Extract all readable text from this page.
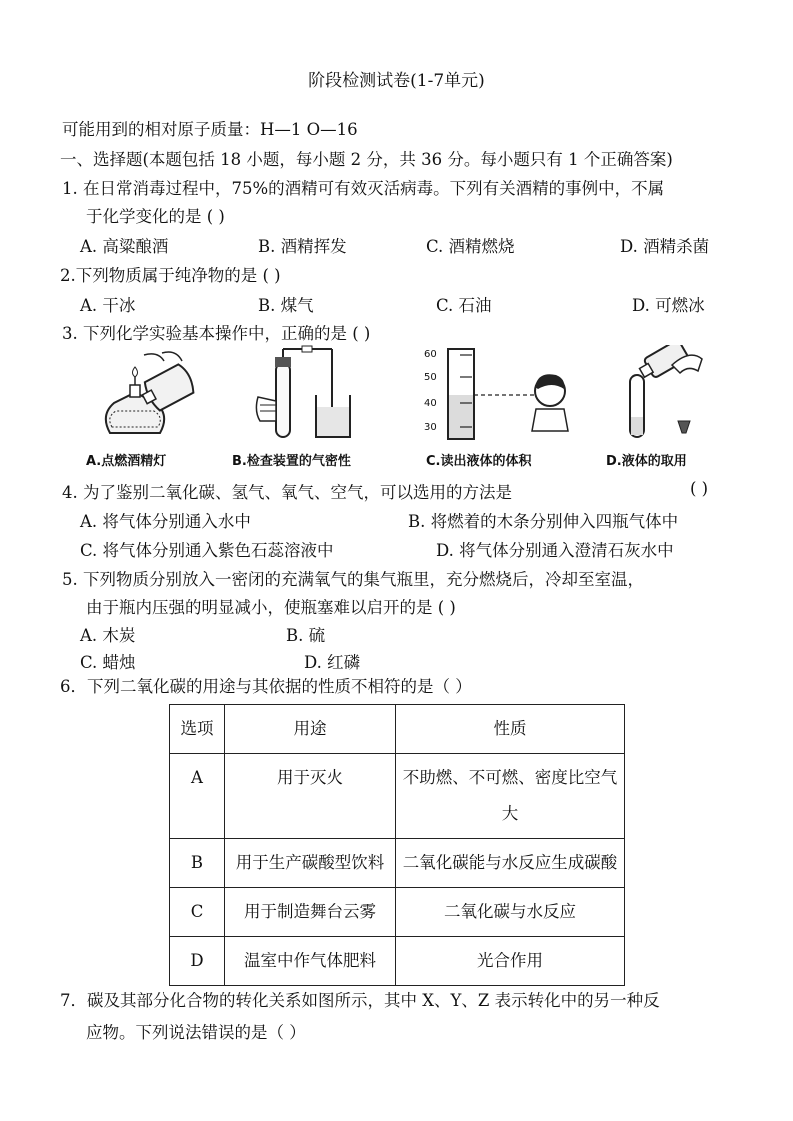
阶段检测试卷(1-7单元)
可能用到的相对原子质量：H—1 O—16
一、选择题(本题包括 18 小题，每小题 2 分，共 36 分。每小题只有 1 个正确答案)
1. 在日常消毒过程中，75%的酒精可有效灭活病毒。下列有关酒精的事例中，不属
于化学变化的是 ( )
A. 高粱酿酒	B. 酒精挥发	C. 酒精燃烧	D. 酒精杀菌
2.下列物质属于纯净物的是 ( )
A. 干冰	B. 煤气	C. 石油	D. 可燃冰
3. 下列化学实验基本操作中，正确的是 ( )
A.点燃酒精灯	B.检查装置的气密性
60
50
40
30
C.读出液体的体积	D.液体的取用
4. 为了鉴别二氧化碳、氢气、氧气、空气，可以选用的方法是	( )
A. 将气体分别通入水中	B. 将燃着的木条分别伸入四瓶气体中
C. 将气体分别通入紫色石蕊溶液中	D. 将气体分别通入澄清石灰水中
5. 下列物质分别放入一密闭的充满氧气的集气瓶里，充分燃烧后，冷却至室温，
由于瓶内压强的明显减小，使瓶塞难以启开的是 ( )
A. 木炭	B. 硫
C. 蜡烛	D. 红磷
6．下列二氧化碳的用途与其依据的性质不相符的是（ ）
选项	用途	性质
A	用于灭火	不助燃、不可燃、密度比空气大
B	用于生产碳酸型饮料	二氧化碳能与水反应生成碳酸
C	用于制造舞台云雾	二氧化碳与水反应
D	温室中作气体肥料	光合作用
7．碳及其部分化合物的转化关系如图所示，其中 X、Y、Z 表示转化中的另一种反
应物。下列说法错误的是（ ）
